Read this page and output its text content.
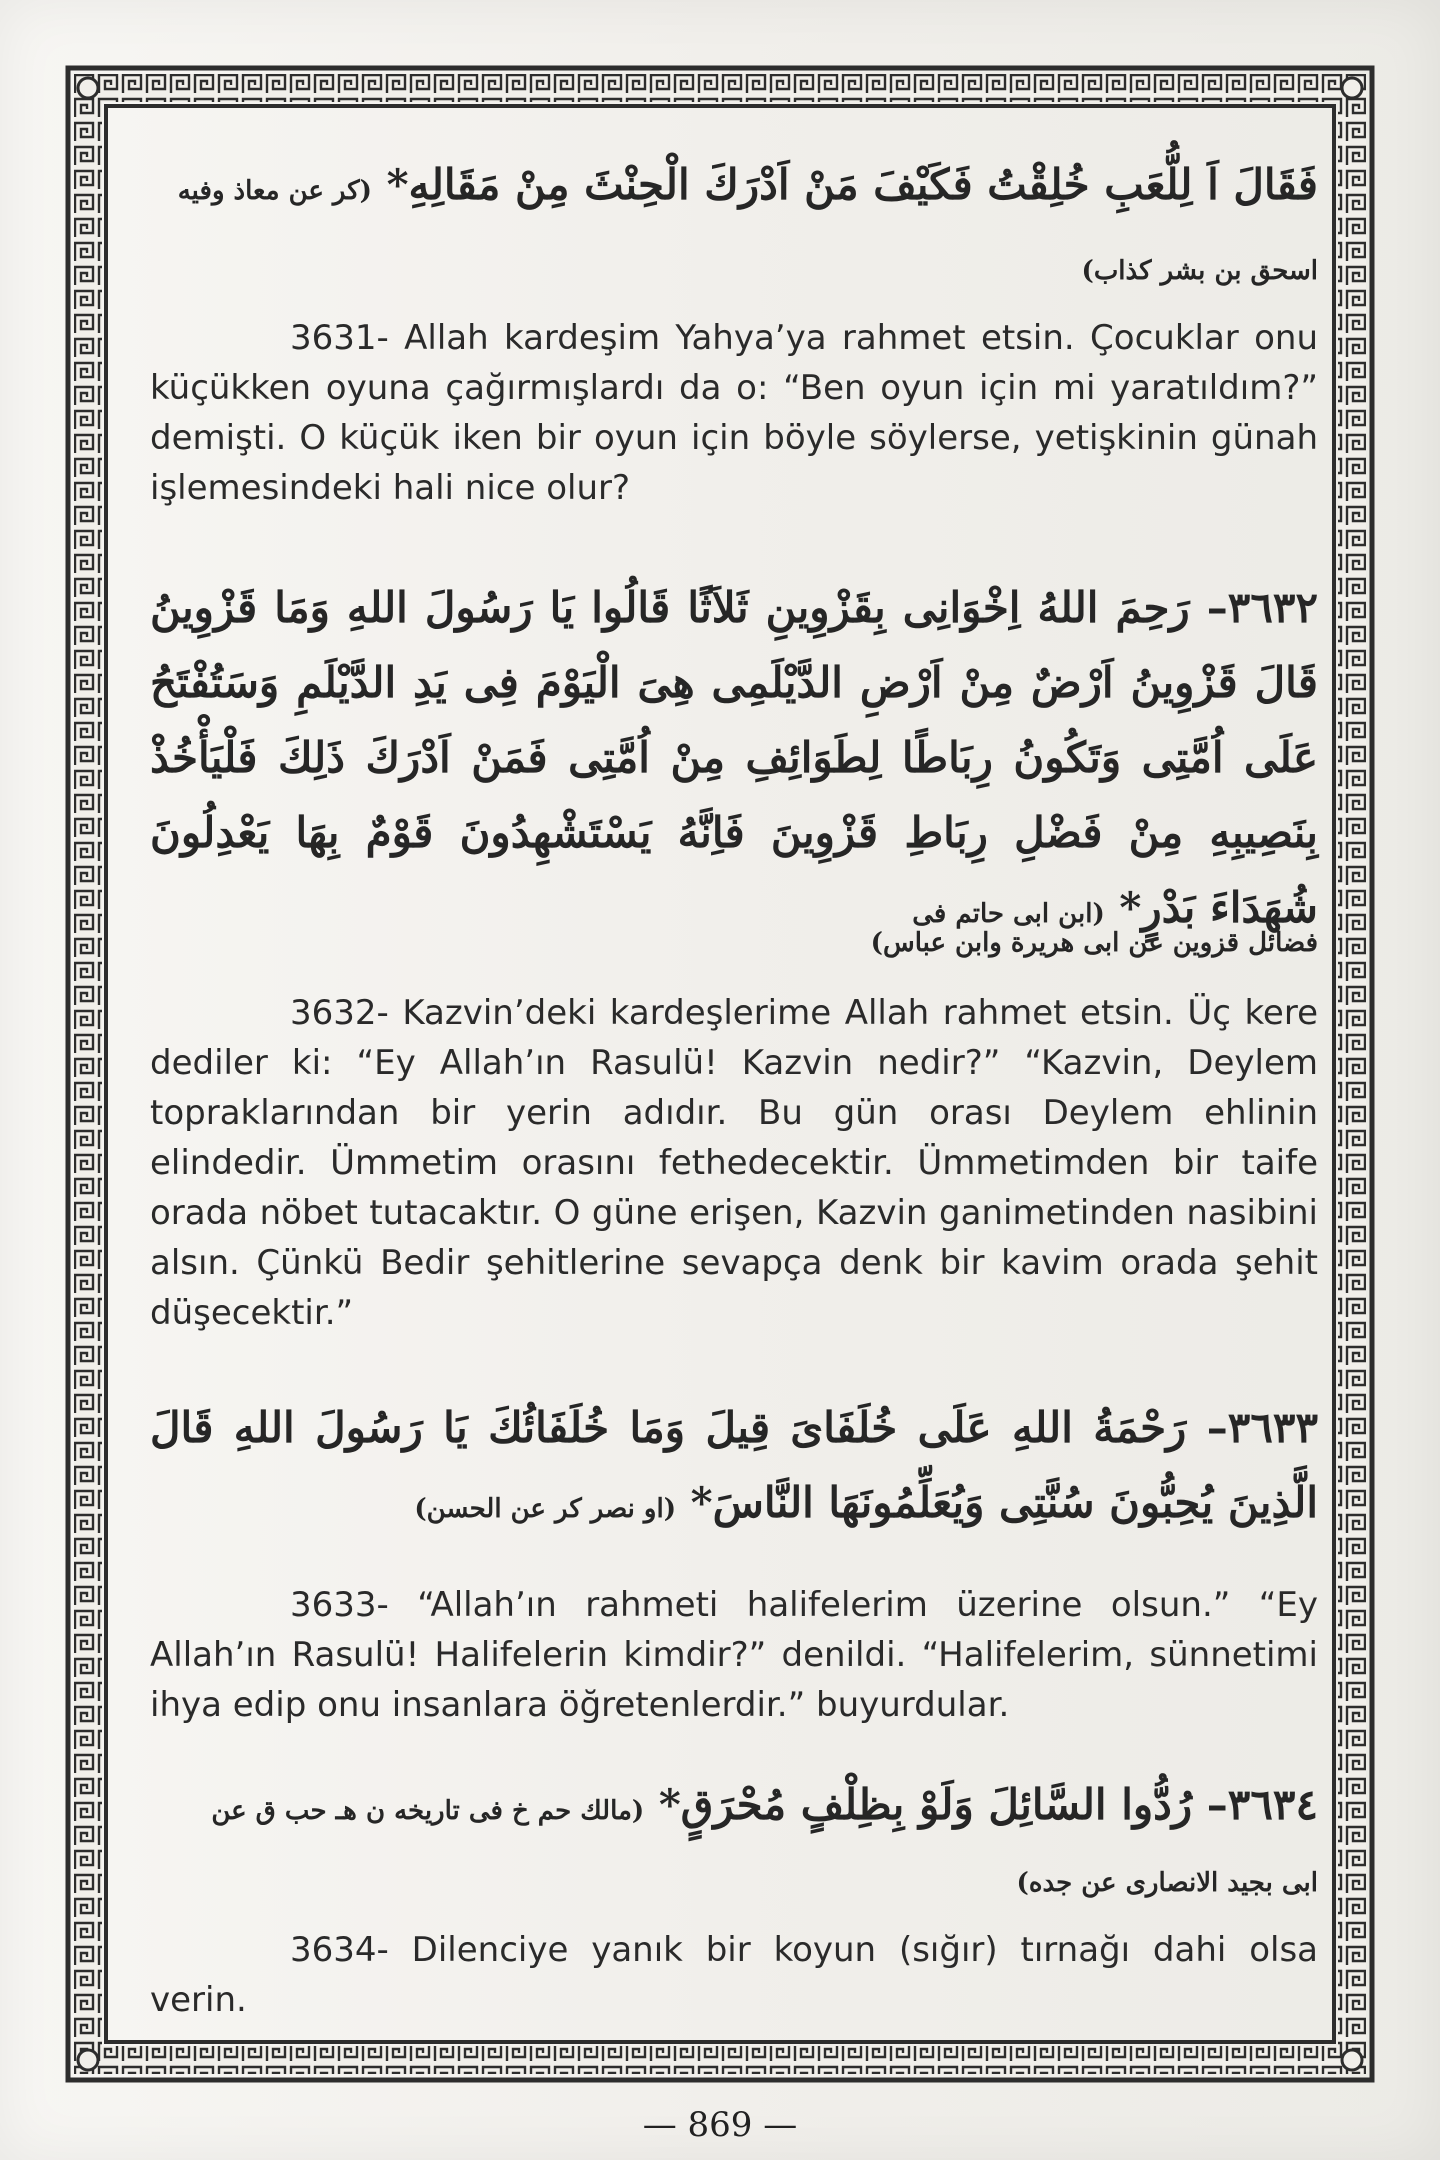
فَقَالَ اَ لِلُّعَبِ خُلِقْتُ فَكَيْفَ مَنْ اَدْرَكَ الْحِنْثَ مِنْ مَقَالِهِ* (كر عن معاذ وفيه

اسحق بن بشر كذاب)

3631- Allah kardeşim Yahya’ya rahmet etsin. Çocuklar onu küçükken oyuna çağırmışlardı da o: “Ben oyun için mi yaratıldım?” demişti. O küçük iken bir oyun için böyle söylerse, yetişkinin günah işlemesindeki hali nice olur?

٣٦٣٢– رَحِمَ اللهُ اِخْوَانِى بِقَزْوِينِ ثَلاَثًا قَالُوا يَا رَسُولَ اللهِ وَمَا قَزْوِينُ قَالَ قَزْوِينُ اَرْضٌ مِنْ اَرْضِ الدَّيْلَمِى هِىَ الْيَوْمَ فِى يَدِ الدَّيْلَمِ وَسَتُفْتَحُ عَلَى اُمَّتِى وَتَكُونُ رِبَاطًا لِطَوَائِفِ مِنْ اُمَّتِى فَمَنْ اَدْرَكَ ذَلِكَ فَلْيَأْخُذْ بِنَصِيبِهِ مِنْ فَضْلِ رِبَاطِ قَزْوِينَ فَاِنَّهُ يَسْتَشْهِدُونَ قَوْمٌ بِهَا يَعْدِلُونَ شُهَدَاءَ بَدْرٍ* (ابن ابى حاتم فى

فضائل قزوين عن ابى هريرة وابن عباس)

3632- Kazvin’deki kardeşlerime Allah rahmet etsin. Üç kere dediler ki: “Ey Allah’ın Rasulü! Kazvin nedir?” “Kazvin, Deylem topraklarından bir yerin adıdır. Bu gün orası Deylem ehlinin elindedir. Ümmetim orasını fethedecektir. Ümmetimden bir taife orada nöbet tutacaktır. O güne erişen, Kazvin ganimetinden nasibini alsın. Çünkü Bedir şehitlerine sevapça denk bir kavim orada şehit düşecektir.”

٣٦٣٣– رَحْمَةُ اللهِ عَلَى خُلَفَاىَ قِيلَ وَمَا خُلَفَائُكَ يَا رَسُولَ اللهِ قَالَ الَّذِينَ يُحِبُّونَ سُنَّتِى وَيُعَلِّمُونَهَا النَّاسَ* (او نصر كر عن الحسن)

3633- “Allah’ın rahmeti halifelerim üzerine olsun.” “Ey Allah’ın Rasulü! Halifelerin kimdir?” denildi. “Halifelerim, sünnetimi ihya edip onu insanlara öğretenlerdir.” buyurdular.

٣٦٣٤– رُدُّوا السَّائِلَ وَلَوْ بِظِلْفٍ مُحْرَقٍ* (مالك حم خ فى تاريخه ن هـ حب ق عن

ابى بجيد الانصارى عن جده)

3634- Dilenciye yanık bir koyun (sığır) tırnağı dahi olsa verin.

— 869 —
